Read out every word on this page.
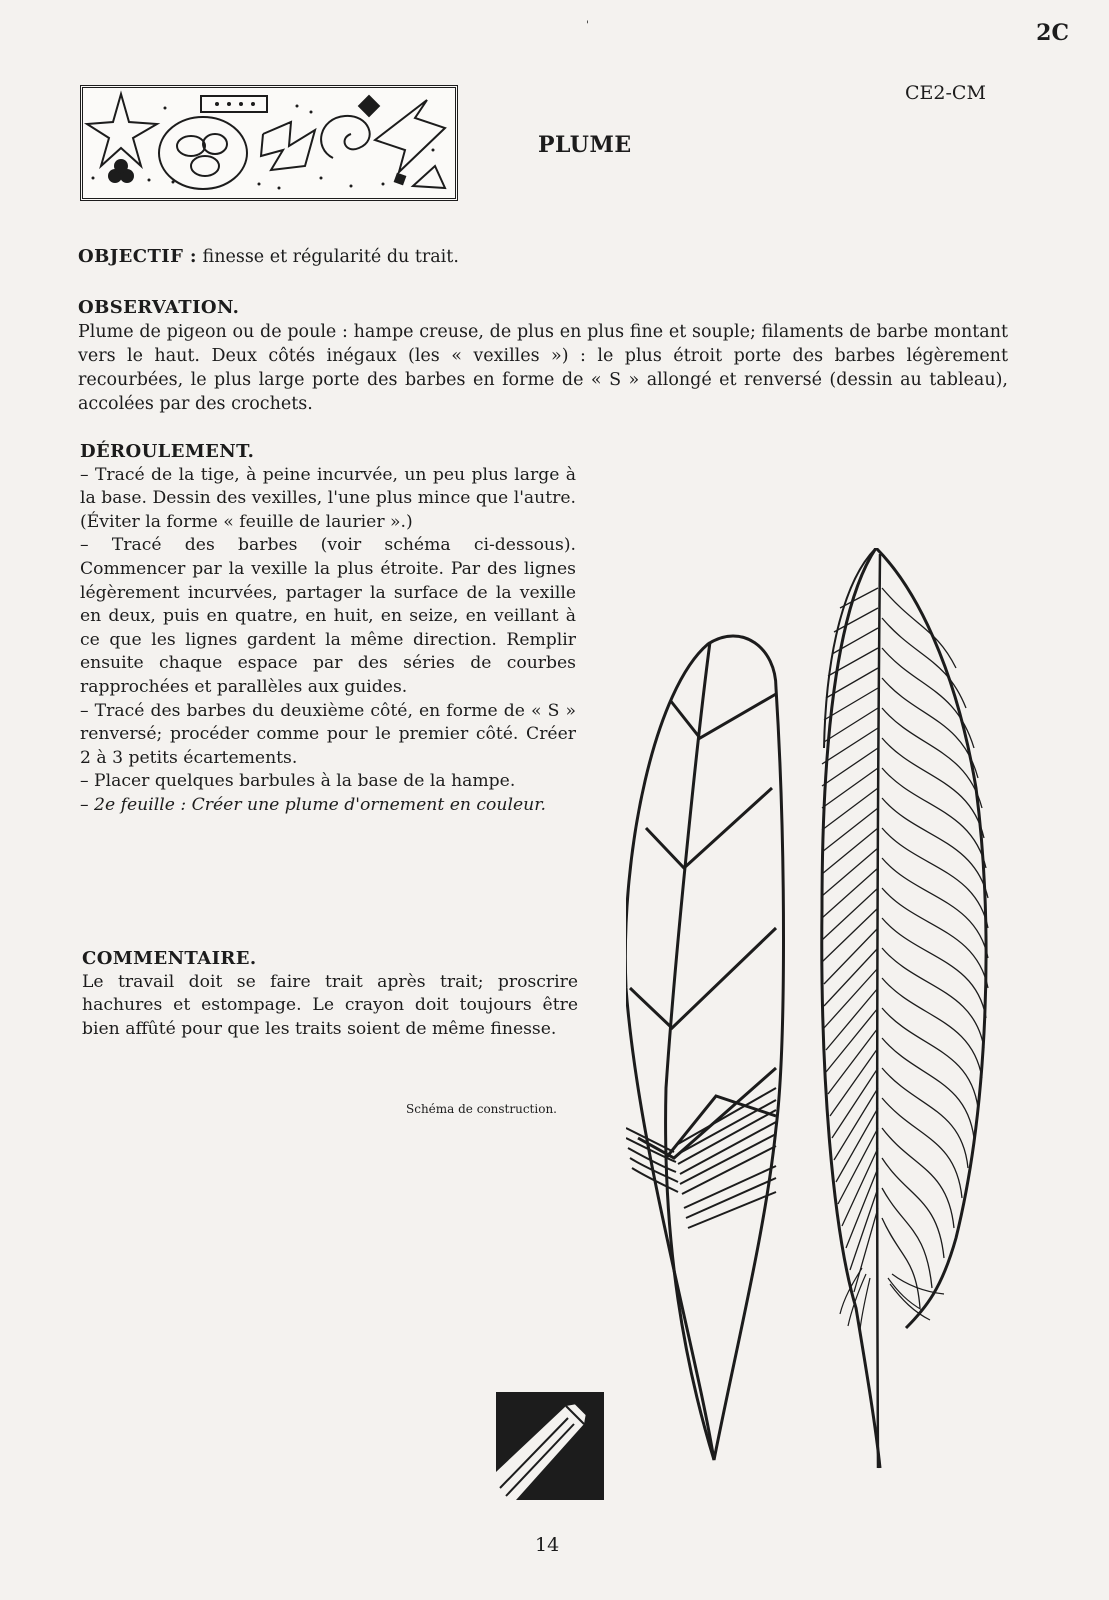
'	2C
CE2-CM
PLUME
OBJECTIF : finesse et régularité du trait.
OBSERVATION.

Plume de pigeon ou de poule : hampe creuse, de plus en plus fine et souple; filaments de barbe montant vers le haut. Deux côtés inégaux (les « vexilles ») : le plus étroit porte des barbes légèrement recourbées, le plus large porte des barbes en forme de « S » allongé et renversé (dessin au tableau), accolées par des crochets.

DÉROULEMENT.

– Tracé de la tige, à peine incurvée, un peu plus large à la base. Dessin des vexilles, l'une plus mince que l'autre. (Éviter la forme « feuille de laurier ».)

– Tracé des barbes (voir schéma ci-dessous). Commencer par la vexille la plus étroite. Par des lignes légèrement incurvées, partager la surface de la vexille en deux, puis en quatre, en huit, en seize, en veillant à ce que les lignes gardent la même direction. Remplir ensuite chaque espace par des séries de courbes rapprochées et parallèles aux guides.

– Tracé des barbes du deuxième côté, en forme de « S » renversé; procéder comme pour le premier côté. Créer 2 à 3 petits écartements.

– Placer quelques barbules à la base de la hampe.

– 2e feuille : Créer une plume d'ornement en couleur.

COMMENTAIRE.

Le travail doit se faire trait après trait; proscrire hachures et estompage. Le crayon doit toujours être bien affûté pour que les traits soient de même finesse.

Schéma de construction.
14
